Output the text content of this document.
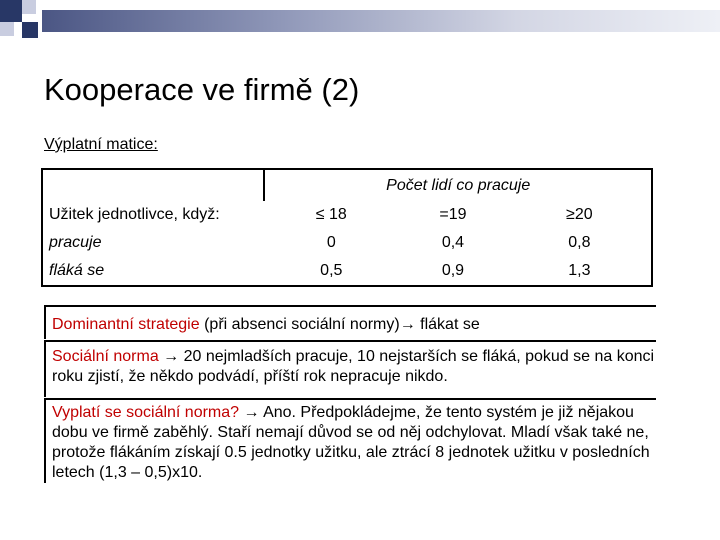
Kooperace ve firmě (2)
Výplatní matice:
	Počet lidí co pracuje		
Užitek jednotlivce, když:	≤ 18	=19	≥20
pracuje	0	0,4	0,8
fláká se	0,5	0,9	1,3
Dominantní strategie (při absenci sociální normy)→ flákat se
Sociální norma → 20 nejmladších pracuje, 10 nejstarších se fláká, pokud se na konci roku zjistí, že někdo podvádí, příští rok nepracuje nikdo.
Vyplatí se sociální norma? → Ano. Předpokládejme, že tento systém je již nějakou dobu ve firmě zaběhlý. Staří nemají důvod se od něj odchylovat. Mladí však také ne, protože flákáním získají 0.5 jednotky užitku, ale ztrácí 8 jednotek užitku v posledních letech (1,3 – 0,5)x10.
